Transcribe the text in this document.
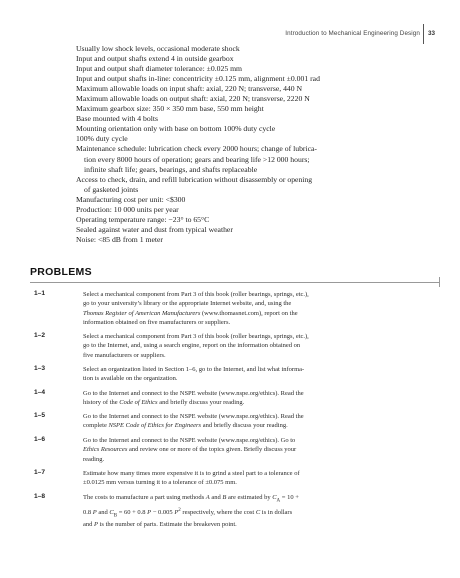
Introduction to Mechanical Engineering Design 33
Usually low shock levels, occasional moderate shock
Input and output shafts extend 4 in outside gearbox
Input and output shaft diameter tolerance: ±0.025 mm
Input and output shafts in-line: concentricity ±0.125 mm, alignment ±0.001 rad
Maximum allowable loads on input shaft: axial, 220 N; transverse, 440 N
Maximum allowable loads on output shaft: axial, 220 N; transverse, 2220 N
Maximum gearbox size: 350 × 350 mm base, 550 mm height
Base mounted with 4 bolts
Mounting orientation only with base on bottom 100% duty cycle
100% duty cycle
Maintenance schedule: lubrication check every 2000 hours; change of lubrica-
tion every 8000 hours of operation; gears and bearing life >12 000 hours;
infinite shaft life; gears, bearings, and shafts replaceable
Access to check, drain, and refill lubrication without disassembly or opening
of gasketed joints
Manufacturing cost per unit: <$300
Production: 10 000 units per year
Operating temperature range: −23° to 65°C
Sealed against water and dust from typical weather
Noise: <85 dB from 1 meter
PROBLEMS
1–1	Select a mechanical component from Part 3 of this book (roller bearings, springs, etc.),
go to your university’s library or the appropriate Internet website, and, using the
Thomas Register of American Manufacturers (www.thomasnet.com), report on the
information obtained on five manufacturers or suppliers.
1–2	Select a mechanical component from Part 3 of this book (roller bearings, springs, etc.),
go to the Internet, and, using a search engine, report on the information obtained on
five manufacturers or suppliers.
1–3	Select an organization listed in Section 1–6, go to the Internet, and list what informa-
tion is available on the organization.
1–4	Go to the Internet and connect to the NSPE website (www.nspe.org/ethics). Read the
history of the Code of Ethics and briefly discuss your reading.
1–5	Go to the Internet and connect to the NSPE website (www.nspe.org/ethics). Read the
complete NSPE Code of Ethics for Engineers and briefly discuss your reading.
1–6	Go to the Internet and connect to the NSPE website (www.nspe.org/ethics). Go to
Ethics Resources and review one or more of the topics given. Briefly discuss your
reading.
1–7	Estimate how many times more expensive it is to grind a steel part to a tolerance of
±0.0125 mm versus turning it to a tolerance of ±0.075 mm.
1–8	The costs to manufacture a part using methods A and B are estimated by $C_A = 10$ +
0.8 P and $C_B = 60 + 0.8$ P − 0.005 $P^2$ respectively, where the cost C is in dollars
and P is the number of parts. Estimate the breakeven point.
